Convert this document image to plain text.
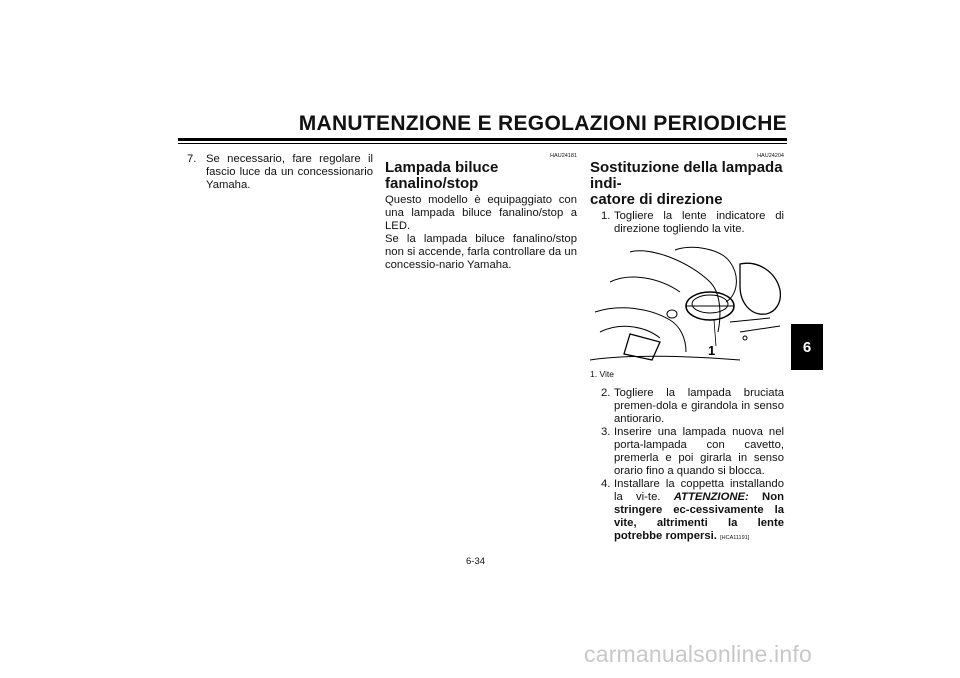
MANUTENZIONE E REGOLAZIONI PERIODICHE
6
7. Se necessario, fare regolare il fascio luce da un concessionario Yamaha.
HAU24181
Lampada biluce fanalino/stop

Questo modello è equipaggiato con una lampada biluce fanalino/stop a LED.

Se la lampada biluce fanalino/stop non si accende, farla controllare da un concessio-nario Yamaha.

HAU24204
Sostituzione della lampada indi-
catore di direzione
1. Togliere la lente indicatore di direzione togliendo la vite.
1
1. Vite
2. Togliere la lampada bruciata premen-dola e girandola in senso antiorario.
3. Inserire una lampada nuova nel porta-lampada con cavetto, premerla e poi girarla in senso orario fino a quando si blocca.
4. Installare la coppetta installando la vi-te. ATTENZIONE: Non stringere ec-cessivamente la vite, altrimenti la lente potrebbe rompersi. [HCA11191]
6-34
carmanualsonline.info
